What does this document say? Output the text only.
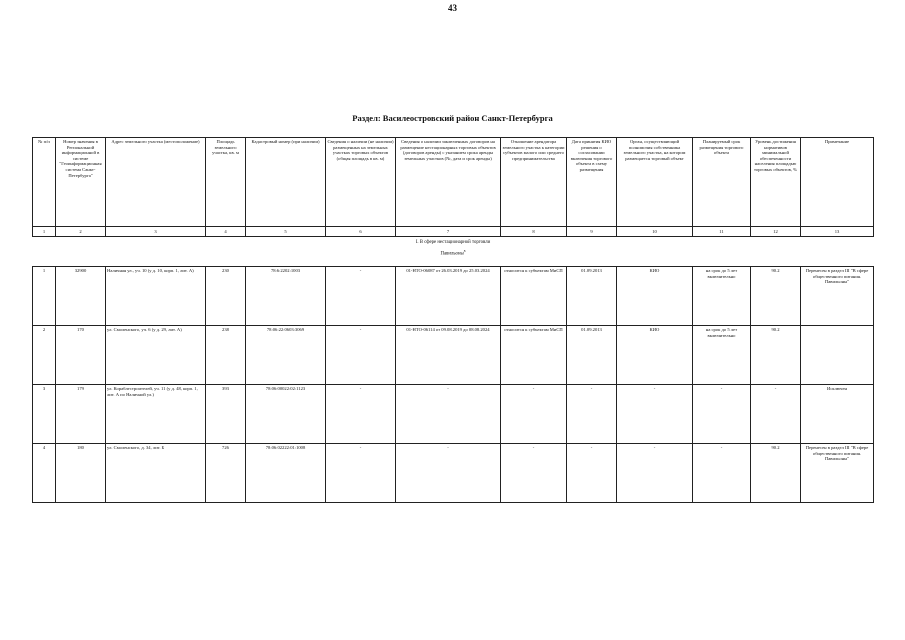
43
Раздел: Василеостровский район Санкт-Петербурга
№ п/п	Номер значения в Региональной информационной в системе "Геоинформационная система Санкт-Петербурга"	Адрес земельного участка (местоположение)	Площадь земельного участка, кв. м	Кадастровый номер (при наличии)	Сведения о наличии (не наличии) размещенных на земельных участках торговых объектов (общая площадь в кв. м)	Сведения о наличии заключенных договоров на размещение нестационарных торговых объектов (договоров аренды) с указанием срока аренды земельных участков (№, дата и срок аренды)	Отношение арендатора земельного участка к категории субъектов малого или среднего предпринимательства	Дата принятия КИО решения о согласовании включения торгового объекта в схему размещения	Орган, осуществляющий полномочия собственника земельного участка, на котором размещается торговый объект	Планируемый срок размещения торгового объекта	Уровень достижения нормативов минимальной обеспеченности населения площадью торговых объектов, %	Примечание
1	2	3	4	5	6	7	8	9	10	11	12	13
I. В сфере нестационарной торговли
Павильоны$^8$

1	32900	Наличная ул., уч. 10 (у д. 10, корп. 1, лит. А)	230	78:6:2202:1003	-	01-НТО-06087 от 26.03.2019 до 25.03.2024	относится к субъектам МиСП	01.09.2013	КИО	на срок до 5 лет включительно	90.2	Перенесен в раздел III "В сфере общественного питания. Павильоны"
2	170	ул. Смоленского, уч. 6 (у д. 29, лит. А)	238	78:06:22:0603:3069	-	01-НТО-06114 от 09.08.2019 до 08.08.2024	относится к субъектам МиСП	01.09.2013	КИО	на срок до 5 лет включительно	90.2	
3	179	ул. Кораблестроителей, уч. 11 (у д. 48, корп. 1, лит. А по Наличной ул.)	393	78:06:00022:02:1123	-	-	-	-	-	-	-	Исключен
4	180	ул. Смоленского, д. 34, лит. Б	726	78:06:02222:01:1008	-	-	-	-	-	-	90.2	Перенесен в раздел III "В сфере общественного питания. Павильоны"
